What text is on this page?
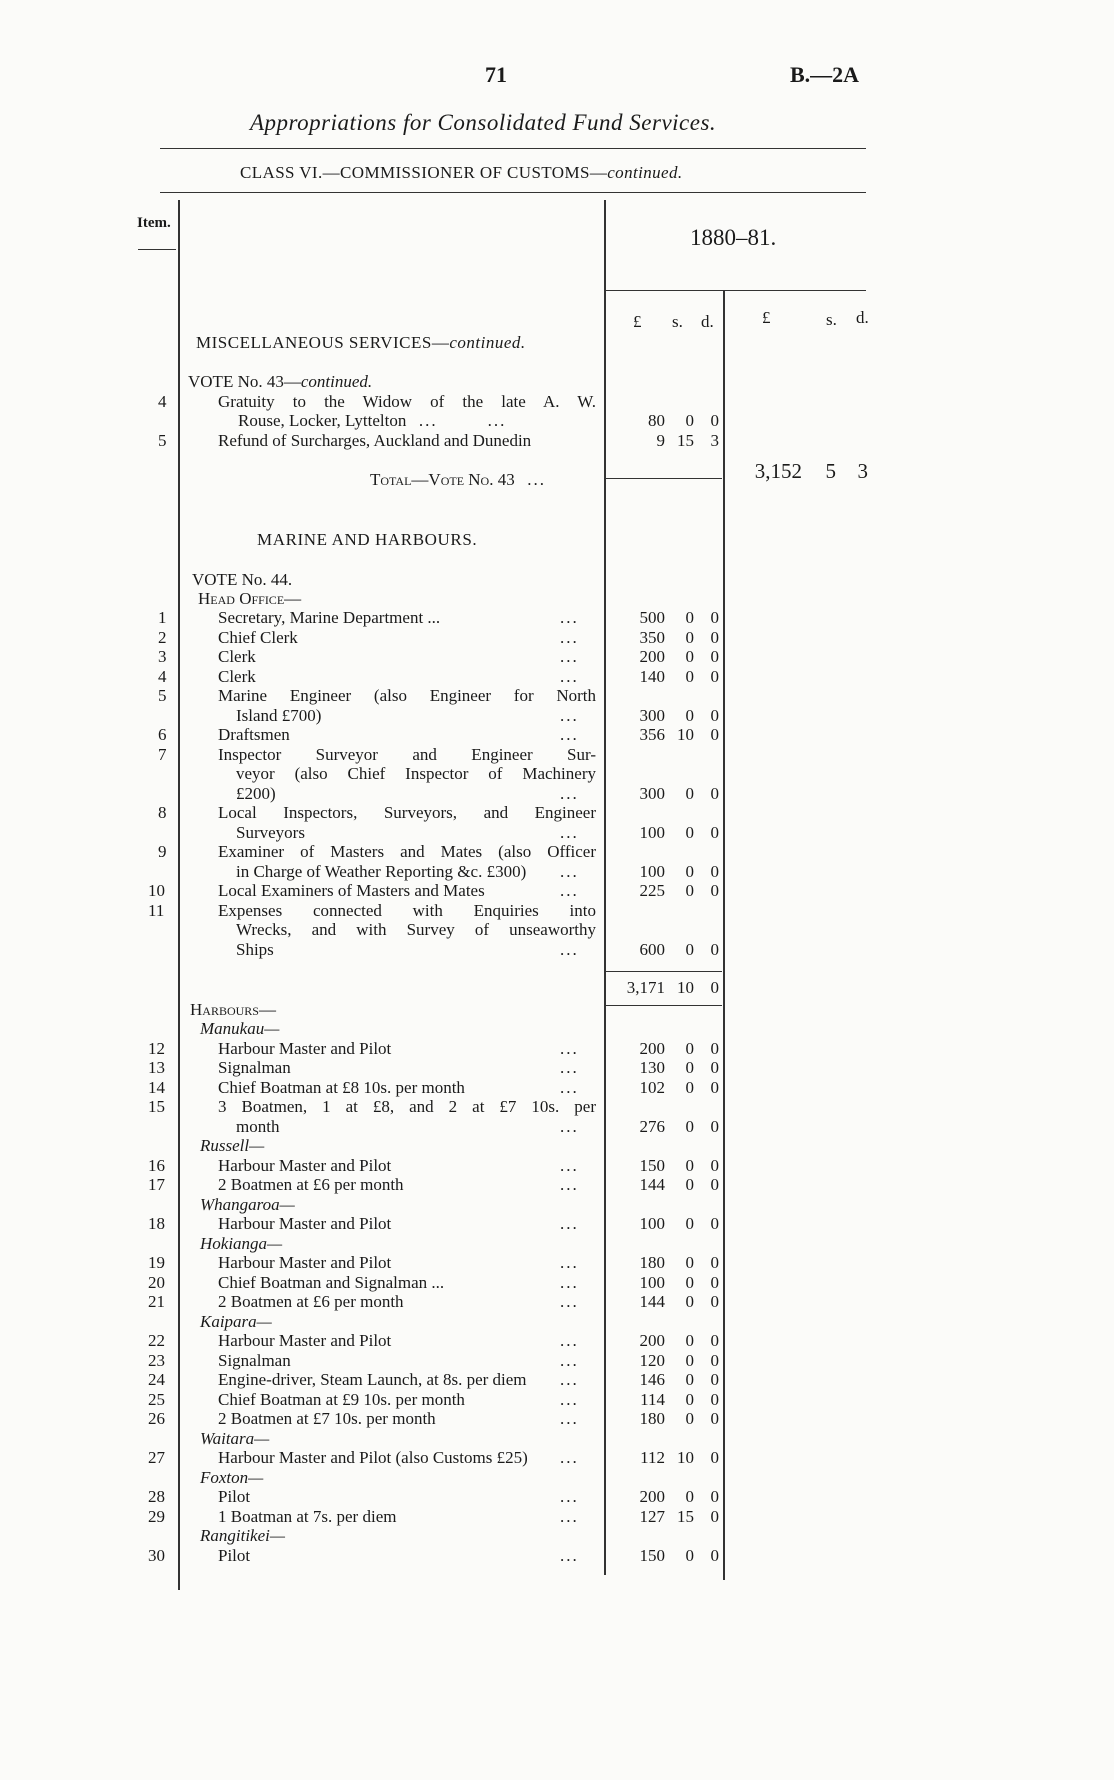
71	B.—2A
Appropriations for Consolidated Fund Services.
CLASS VI.—COMMISSIONER OF CUSTOMS—continued.
Item.
1880–81.
£ s. d.	£	s. d.
MISCELLANEOUS SERVICES—continued.
VOTE No. 43—continued.
4	Gratuity to the Widow of the late A. W.
Rouse, Locker, Lyttelton  ...        ...	80	0 0
5	Refund of Surcharges, Auckland and Dunedin	9 15 3
Total—Vote No. 43  ...	3,152	5	3
MARINE AND HARBOURS.
VOTE No. 44.
Head Office—
1	Secretary, Marine Department ...	...	500	0 0
2	Chief Clerk	...	350	0 0
3	Clerk	...	200	0 0
4	Clerk	...	140	0 0
5	Marine Engineer (also Engineer for North
Island £700)	...	300	0 0
6	Draftsmen	...	356 10 0
7	Inspector Surveyor and Engineer Sur-
veyor (also Chief Inspector of Machinery
£200)	...	300	0 0
8	Local Inspectors, Surveyors, and Engineer
Surveyors	...	100	0 0
9	Examiner of Masters and Mates (also Officer
in Charge of Weather Reporting &c. £300) ...	100	0 0
10	Local Examiners of Masters and Mates	...	225	0 0
11	Expenses connected with Enquiries into
Wrecks, and with Survey of unseaworthy
Ships	...	600	0 0
3,171 10 0
Harbours—
Manukau—
12	Harbour Master and Pilot	...	200	0 0
13	Signalman	...	130	0 0
14	Chief Boatman at £8 10s. per month	...	102	0 0
15	3 Boatmen, 1 at £8, and 2 at £7 10s. per
month	...	276	0 0
Russell—
16	Harbour Master and Pilot	...	150	0 0
17	2 Boatmen at £6 per month	...	144	0 0
Whangaroa—
18	Harbour Master and Pilot	...	100	0 0
Hokianga—
19	Harbour Master and Pilot	...	180	0 0
20	Chief Boatman and Signalman ...	...	100	0 0
21	2 Boatmen at £6 per month	...	144	0 0
Kaipara—
22	Harbour Master and Pilot	...	200	0 0
23	Signalman	...	120	0 0
24	Engine-driver, Steam Launch, at 8s. per diem ...	146	0 0
25	Chief Boatman at £9 10s. per month	...	114	0 0
26	2 Boatmen at £7 10s. per month	...	180	0 0
Waitara—
27	Harbour Master and Pilot (also Customs £25) ...	112 10 0
Foxton—
28	Pilot	...	200	0 0
29	1 Boatman at 7s. per diem	...	127 15 0
Rangitikei—
30	Pilot	...	150	0 0
